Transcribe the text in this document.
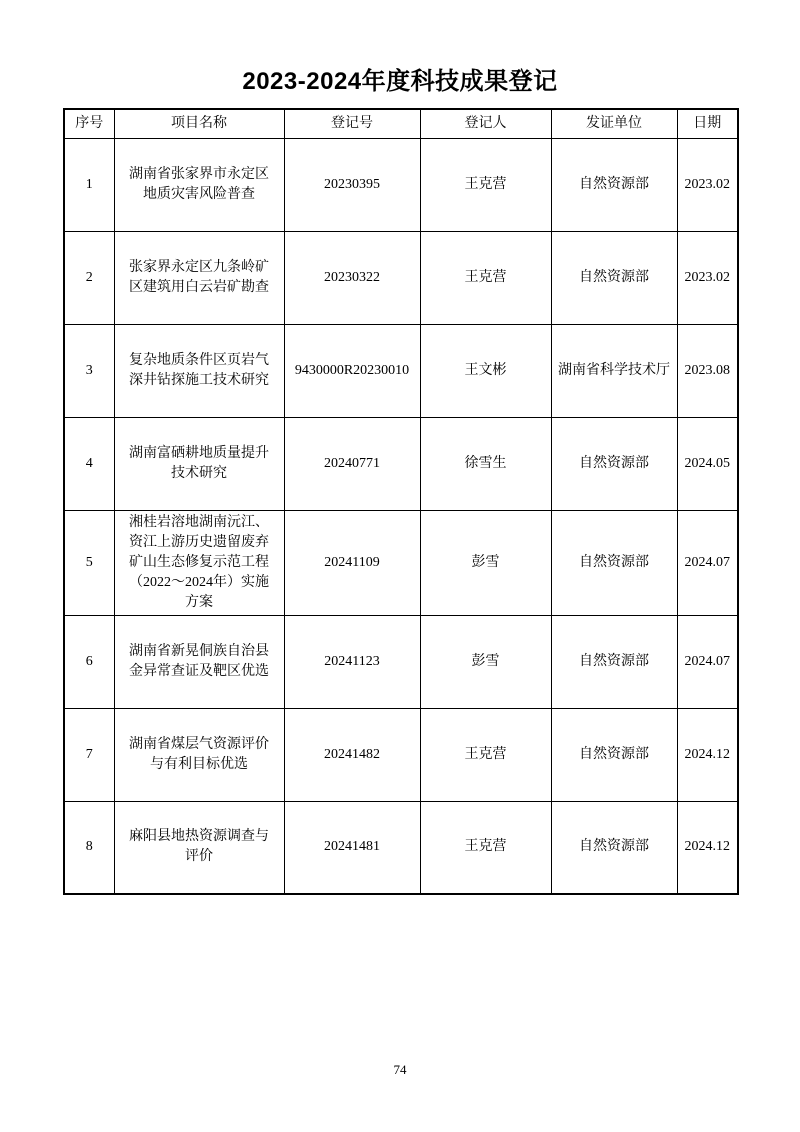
2023-2024年度科技成果登记
序号	项目名称	登记号	登记人	发证单位	日期
1	湖南省张家界市永定区地质灾害风险普查	20230395	王克营	自然资源部	2023.02
2	张家界永定区九条岭矿区建筑用白云岩矿勘查	20230322	王克营	自然资源部	2023.02
3	复杂地质条件区页岩气深井钻探施工技术研究	9430000R20230010	王文彬	湖南省科学技术厅	2023.08
4	湖南富硒耕地质量提升技术研究	20240771	徐雪生	自然资源部	2024.05
5	湘桂岩溶地湖南沅江、资江上游历史遗留废弃矿山生态修复示范工程（2022～2024年）实施方案	20241109	彭雪	自然资源部	2024.07
6	湖南省新晃侗族自治县金异常查证及靶区优选	20241123	彭雪	自然资源部	2024.07
7	湖南省煤层气资源评价与有利目标优选	20241482	王克营	自然资源部	2024.12
8	麻阳县地热资源调查与评价	20241481	王克营	自然资源部	2024.12
74
